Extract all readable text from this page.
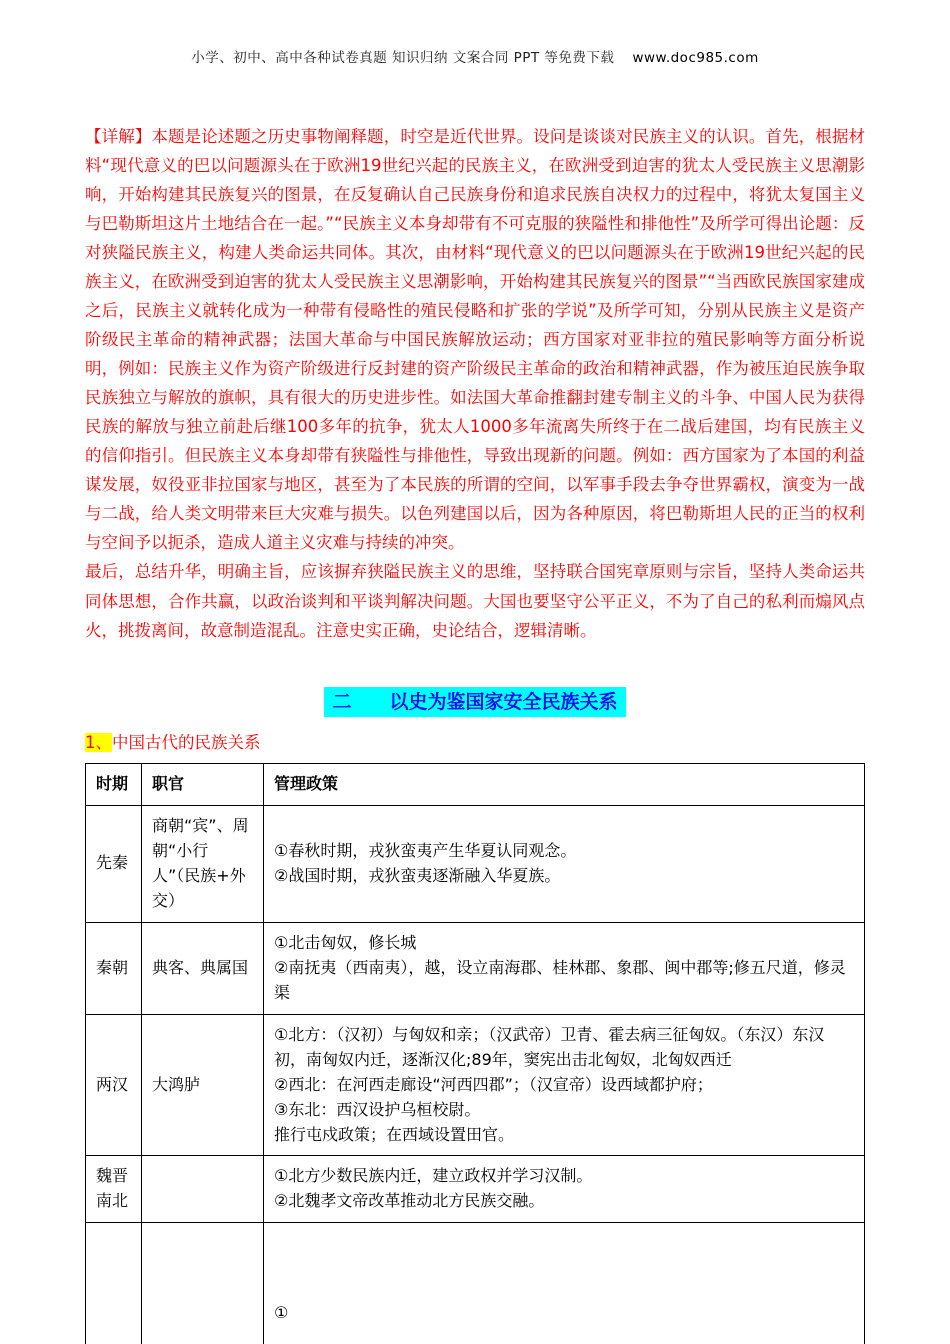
小学、初中、高中各种试卷真题 知识归纳 文案合同 PPT 等免费下载 www.doc985.com

【详解】本题是论述题之历史事物阐释题，时空是近代世界。设问是谈谈对民族主义的认识。首先，根据材料“现代意义的巴以问题源头在于欧洲19世纪兴起的民族主义，在欧洲受到迫害的犹太人受民族主义思潮影响，开始构建其民族复兴的图景，在反复确认自己民族身份和追求民族自决权力的过程中，将犹太复国主义与巴勒斯坦这片土地结合在一起。”“民族主义本身却带有不可克服的狭隘性和排他性”及所学可得出论题：反对狭隘民族主义，构建人类命运共同体。其次，由材料“现代意义的巴以问题源头在于欧洲19世纪兴起的民族主义，在欧洲受到迫害的犹太人受民族主义思潮影响，开始构建其民族复兴的图景”“当西欧民族国家建成之后，民族主义就转化成为一种带有侵略性的殖民侵略和扩张的学说”及所学可知，分别从民族主义是资产阶级民主革命的精神武器；法国大革命与中国民族解放运动；西方国家对亚非拉的殖民影响等方面分析说明，例如：民族主义作为资产阶级进行反封建的资产阶级民主革命的政治和精神武器，作为被压迫民族争取民族独立与解放的旗帜，具有很大的历史进步性。如法国大革命推翻封建专制主义的斗争、中国人民为获得民族的解放与独立前赴后继100多年的抗争，犹太人1000多年流离失所终于在二战后建国，均有民族主义的信仰指引。但民族主义本身却带有狭隘性与排他性，导致出现新的问题。例如：西方国家为了本国的利益谋发展，奴役亚非拉国家与地区，甚至为了本民族的所谓的空间，以军事手段去争夺世界霸权，演变为一战与二战，给人类文明带来巨大灾难与损失。以色列建国以后，因为各种原因，将巴勒斯坦人民的正当的权利与空间予以扼杀，造成人道主义灾难与持续的冲突。

最后，总结升华，明确主旨，应该摒弃狭隘民族主义的思维，坚持联合国宪章原则与宗旨，坚持人类命运共同体思想，合作共赢，以政治谈判和平谈判解决问题。大国也要坚守公平正义，不为了自己的私利而煽风点火，挑拨离间，故意制造混乱。注意史实正确，史论结合，逻辑清晰。

二　　以史为鉴国家安全民族关系
1、中国古代的民族关系
时期	职官	管理政策
先秦	商朝“宾”、周朝“小行人”（民族+外交）	①春秋时期，戎狄蛮夷产生华夏认同观念。
②战国时期，戎狄蛮夷逐渐融入华夏族。

秦朝	典客、典属国	①北击匈奴，修长城
②南抚夷（西南夷），越，设立南海郡、桂林郡、象郡、闽中郡等;修五尺道，修灵渠

两汉	大鸿胪	①北方：（汉初）与匈奴和亲；（汉武帝）卫青、霍去病三征匈奴。（东汉）东汉初，南匈奴内迁，逐渐汉化;89年，窦宪出击北匈奴，北匈奴西迁
②西北：在河西走廊设“河西四郡”；（汉宣帝）设西域都护府；
③东北：西汉设护乌桓校尉。
推行屯戍政策；在西域设置田官。

魏晋南北		①北方少数民族内迁，建立政权并学习汉制。
②北魏孝文帝改革推动北方民族交融。

		①
